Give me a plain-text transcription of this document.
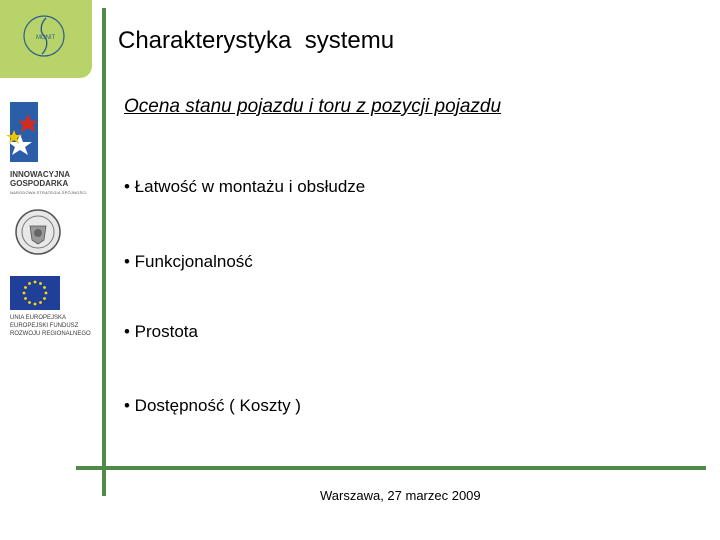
MONIT
INNOWACYJNA
GOSPODARKA
NARODOWA STRATEGIA SPÓJNOŚCI
UNIA EUROPEJSKA
EUROPEJSKI FUNDUSZ
ROZWOJU REGIONALNEGO
Charakterystyka  systemu
Ocena stanu pojazdu i toru z pozycji pojazdu
• Łatwość w montażu i obsłudze
• Funkcjonalność
• Prostota
• Dostępność ( Koszty )
Warszawa, 27 marzec 2009
